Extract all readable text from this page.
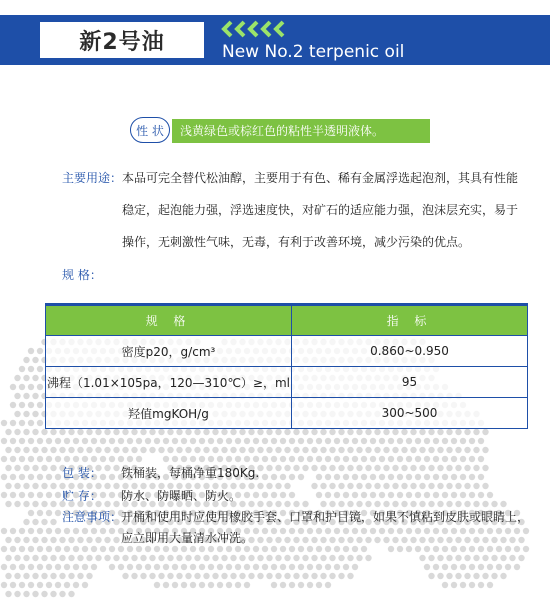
新2号油	New No.2 terpenic oil
性 状	浅黄绿色或棕红色的粘性半透明液体。
主要用途： 本品可完全替代松油醇，主要用于有色、稀有金属浮选起泡剂，其具有性能
稳定，起泡能力强，浮选速度快，对矿石的适应能力强，泡沫层充实，易于
操作，无刺激性气味，无毒，有利于改善环境，减少污染的优点。
规 格：
规 格	指 标
密度p20，g/cm³	0.860~0.950
沸程（1.01×105pa，120—310℃）≥，ml	95
羟值mgKOH/g	300~500
包 装： 铁桶装，每桶净重180Kg.
贮 存： 防水、防曝晒、防火。
注意事项：
开桶和使用时应使用橡胶手套、口罩和护目镜，如果不慎粘到皮肤或眼睛上，
应立即用大量清水冲洗。
